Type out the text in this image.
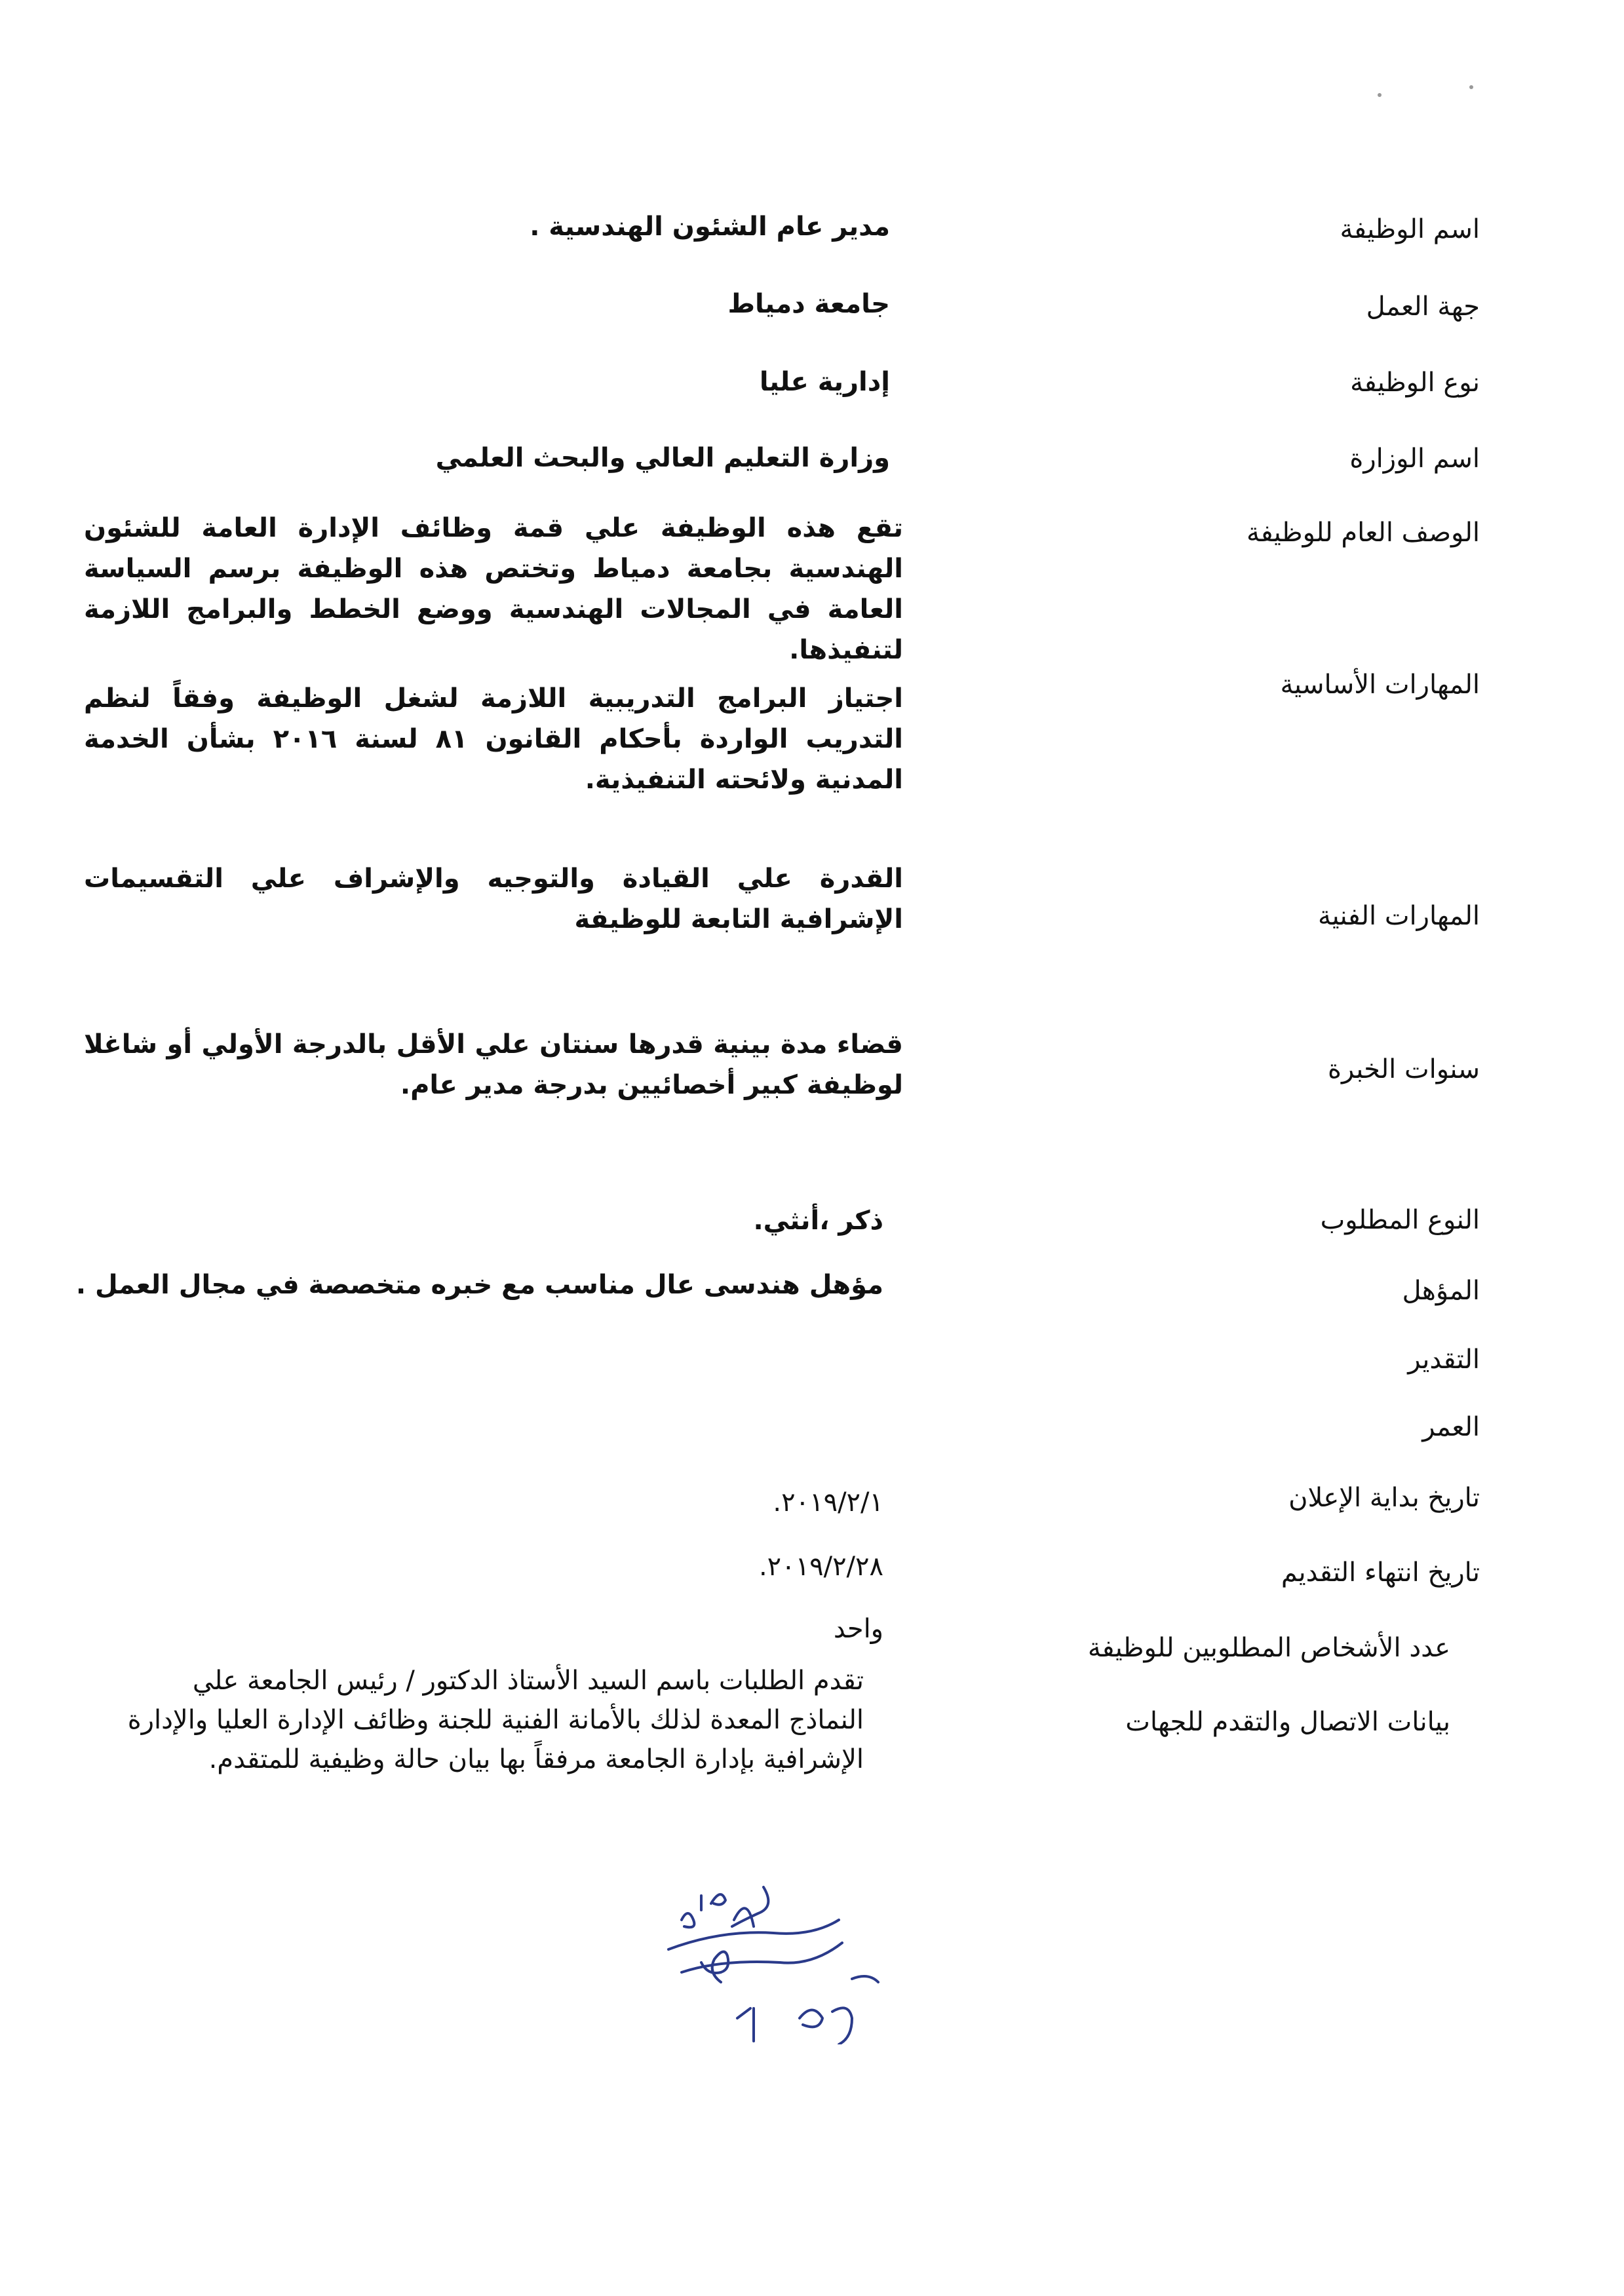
اسم الوظيفة
مدير عام الشئون الهندسية .
جهة العمل
جامعة دمياط
نوع الوظيفة
إدارية عليا
اسم الوزارة
وزارة التعليم العالي والبحث العلمي
الوصف العام للوظيفة
تقع هذه الوظيفة علي قمة وظائف الإدارة العامة للشئون الهندسية بجامعة دمياط وتختص هذه الوظيفة برسم السياسة العامة في المجالات الهندسية ووضع الخطط والبرامج اللازمة لتنفيذها.
المهارات الأساسية
اجتياز البرامج التدريبية اللازمة لشغل الوظيفة وفقاً لنظم التدريب الواردة بأحكام القانون ٨١ لسنة ٢٠١٦ بشأن الخدمة المدنية ولائحته التنفيذية.
المهارات الفنية
القدرة علي القيادة والتوجيه والإشراف علي التقسيمات الإشرافية التابعة للوظيفة
سنوات الخبرة
قضاء مدة بينية قدرها سنتان علي الأقل بالدرجة الأولي أو شاغلا لوظيفة كبير أخصائيين بدرجة مدير عام.
النوع المطلوب
ذكر ،أنثي.
المؤهل
مؤهل هندسى عال مناسب مع خبره متخصصة في مجال العمل .
التقدير
العمر
تاريخ بداية الإعلان
٢٠١٩/٢/١.
تاريخ انتهاء التقديم
٢٠١٩/٢/٢٨.
عدد الأشخاص المطلوبين للوظيفة
واحد
بيانات الاتصال والتقدم للجهات
تقدم الطلبات باسم السيد الأستاذ الدكتور / رئيس الجامعة علي النماذج المعدة لذلك بالأمانة الفنية للجنة وظائف الإدارة العليا والإدارة الإشرافية بإدارة الجامعة مرفقاً بها بيان حالة وظيفية للمتقدم.
